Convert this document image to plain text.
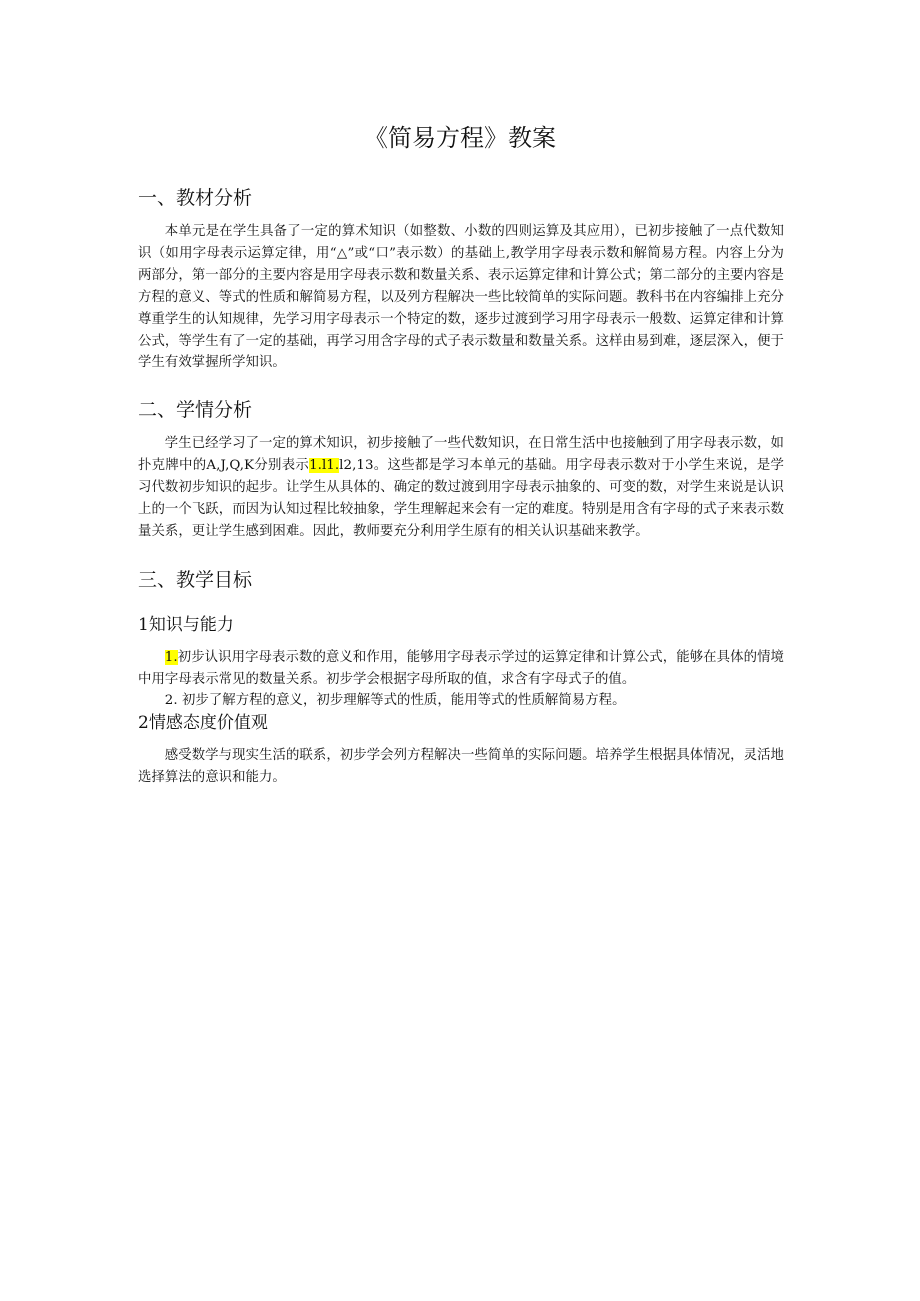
《简易方程》教案
一、教材分析

本单元是在学生具备了一定的算术知识（如整数、小数的四则运算及其应用），已初步接触了一点代数知识（如用字母表示运算定律，用“△”或“口”表示数）的基础上,教学用字母表示数和解简易方程。内容上分为两部分，第一部分的主要内容是用字母表示数和数量关系、表示运算定律和计算公式；第二部分的主要内容是方程的意义、等式的性质和解简易方程，以及列方程解决一些比较简单的实际问题。教科书在内容编排上充分尊重学生的认知规律，先学习用字母表示一个特定的数，逐步过渡到学习用字母表示一般数、运算定律和计算公式，等学生有了一定的基础，再学习用含字母的式子表示数量和数量关系。这样由易到难，逐层深入，便于学生有效掌握所学知识。

二、学情分析

学生已经学习了一定的算术知识，初步接触了一些代数知识，在日常生活中也接触到了用字母表示数，如扑克牌中的A,J,Q,K分别表示1.l1.l2,13。这些都是学习本单元的基础。用字母表示数对于小学生来说，是学习代数初步知识的起步。让学生从具体的、确定的数过渡到用字母表示抽象的、可变的数，对学生来说是认识上的一个飞跃，而因为认知过程比较抽象，学生理解起来会有一定的难度。特别是用含有字母的式子来表示数量关系，更让学生感到困难。因此，教师要充分利用学生原有的相关认识基础来教学。

三、教学目标
1知识与能力

1.初步认识用字母表示数的意义和作用，能够用字母表示学过的运算定律和计算公式，能够在具体的情境中用字母表示常见的数量关系。初步学会根据字母所取的值，求含有字母式子的值。

2. 初步了解方程的意义，初步理解等式的性质，能用等式的性质解简易方程。

2情感态度价值观

感受数学与现实生活的联系，初步学会列方程解决一些简单的实际问题。培养学生根据具体情况，灵活地选择算法的意识和能力。
